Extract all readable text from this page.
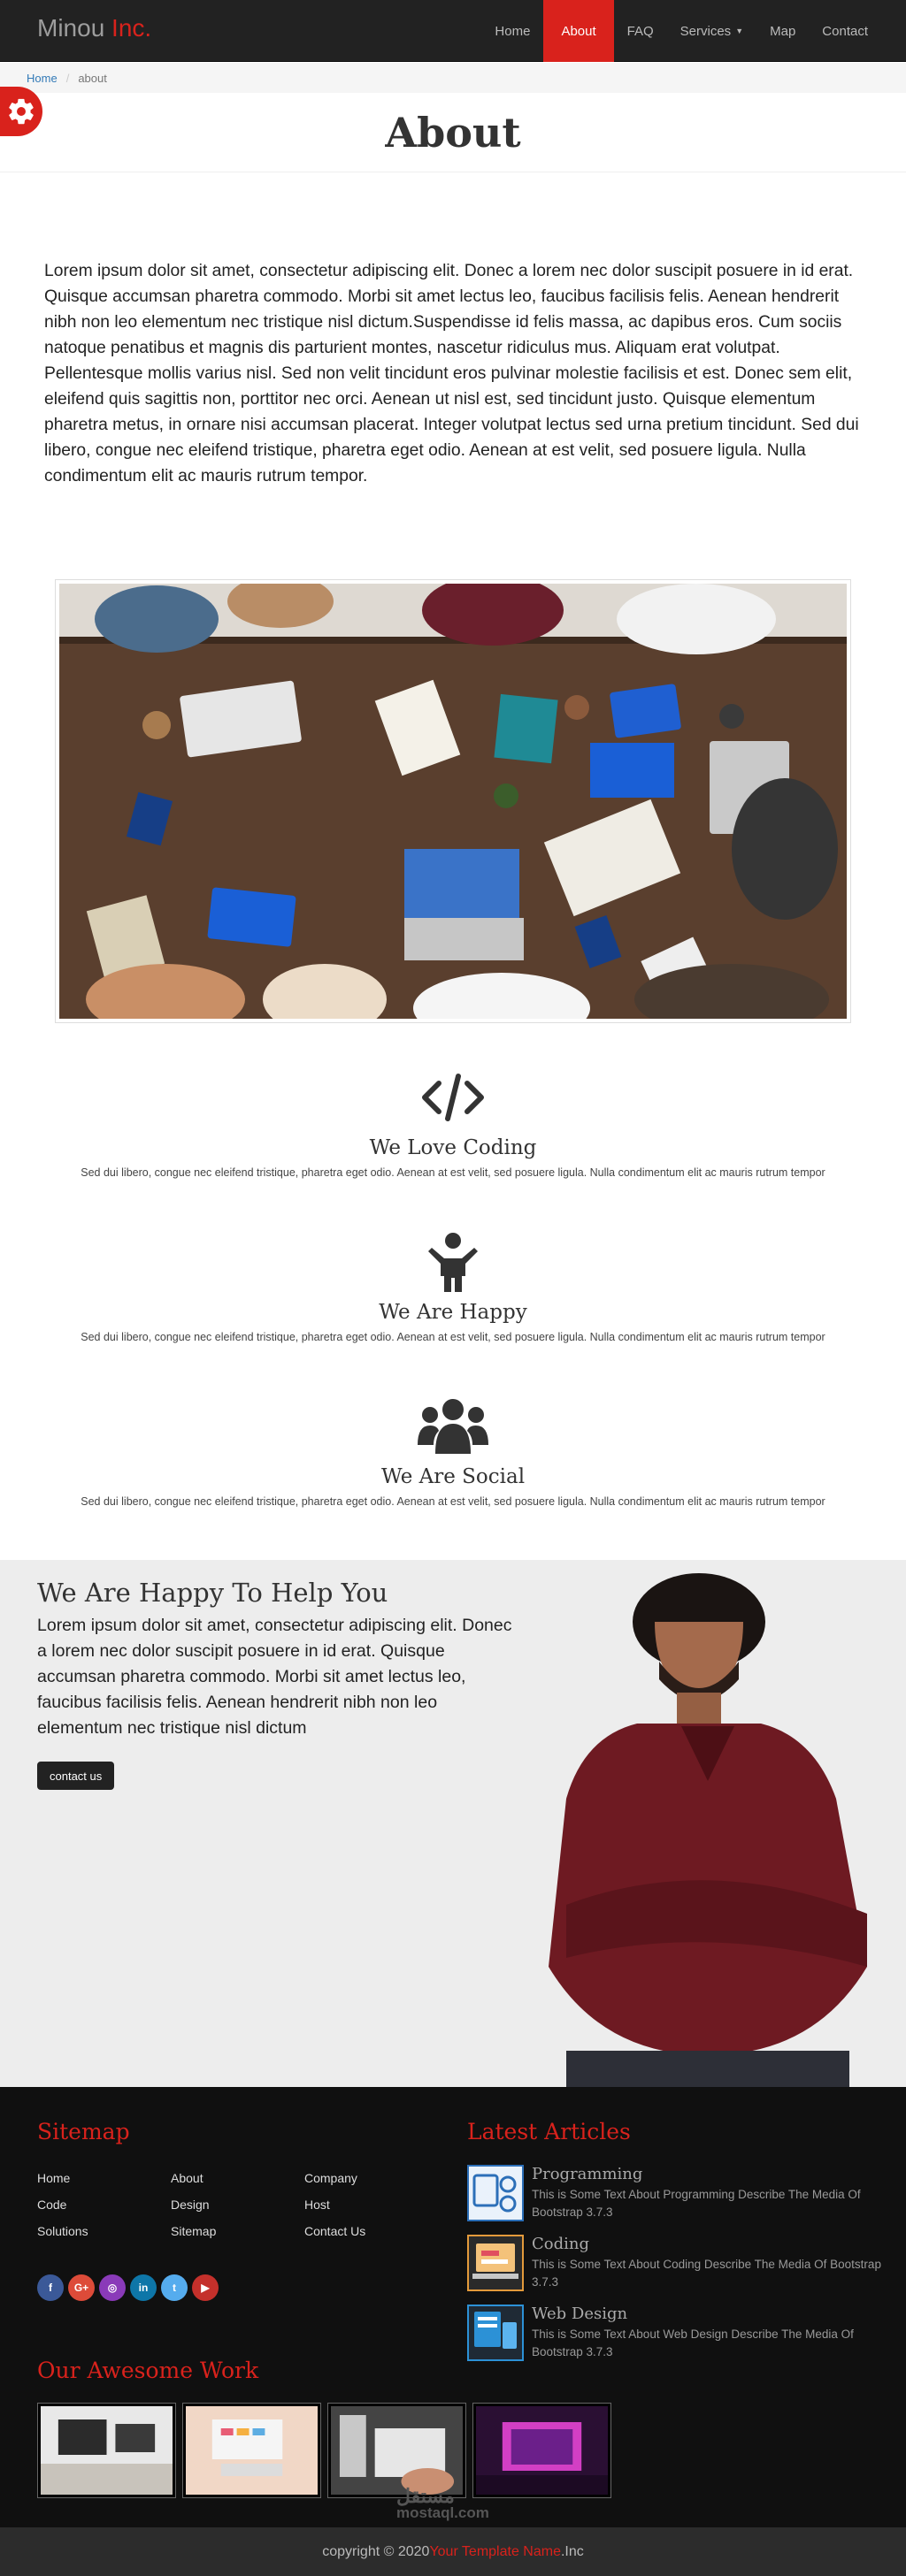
Minou Inc.	Home	About	FAQ	Services ▼	Map	Contact
Home / about
About

Lorem ipsum dolor sit amet, consectetur adipiscing elit. Donec a lorem nec dolor suscipit posuere in id erat. Quisque accumsan pharetra commodo. Morbi sit amet lectus leo, faucibus facilisis felis. Aenean hendrerit nibh non leo elementum nec tristique nisl dictum.Suspendisse id felis massa, ac dapibus eros. Cum sociis natoque penatibus et magnis dis parturient montes, nascetur ridiculus mus. Aliquam erat volutpat. Pellentesque mollis varius nisl. Sed non velit tincidunt eros pulvinar molestie facilisis et est. Donec sem elit, eleifend quis sagittis non, porttitor nec orci. Aenean ut nisl est, sed tincidunt justo. Quisque elementum pharetra metus, in ornare nisi accumsan placerat. Integer volutpat lectus sed urna pretium tincidunt. Sed dui libero, congue nec eleifend tristique, pharetra eget odio. Aenean at est velit, sed posuere ligula. Nulla condimentum elit ac mauris rutrum tempor.

We Love Coding

Sed dui libero, congue nec eleifend tristique, pharetra eget odio. Aenean at est velit, sed posuere ligula. Nulla condimentum elit ac mauris rutrum tempor

We Are Happy

Sed dui libero, congue nec eleifend tristique, pharetra eget odio. Aenean at est velit, sed posuere ligula. Nulla condimentum elit ac mauris rutrum tempor

We Are Social

Sed dui libero, congue nec eleifend tristique, pharetra eget odio. Aenean at est velit, sed posuere ligula. Nulla condimentum elit ac mauris rutrum tempor

We Are Happy To Help You

Lorem ipsum dolor sit amet, consectetur adipiscing elit. Donec a lorem nec dolor suscipit posuere in id erat. Quisque accumsan pharetra commodo. Morbi sit amet lectus leo, faucibus facilisis felis. Aenean hendrerit nibh non leo elementum nec tristique nisl dictum

contact us
Sitemap
Home	About	Company
Code	Design	Host
Solutions	Sitemap	Contact Us
f	G+	◎	in	t	▶
Latest Articles
Programming
This is Some Text About Programming Describe The Media Of Bootstrap 3.7.3
Coding
This is Some Text About Coding Describe The Media Of Bootstrap 3.7.3
Web Design
This is Some Text About Web Design Describe The Media Of Bootstrap 3.7.3
Our Awesome Work
مستقل
mostaql.com
copyright © 2020 Your Template Name .Inc
